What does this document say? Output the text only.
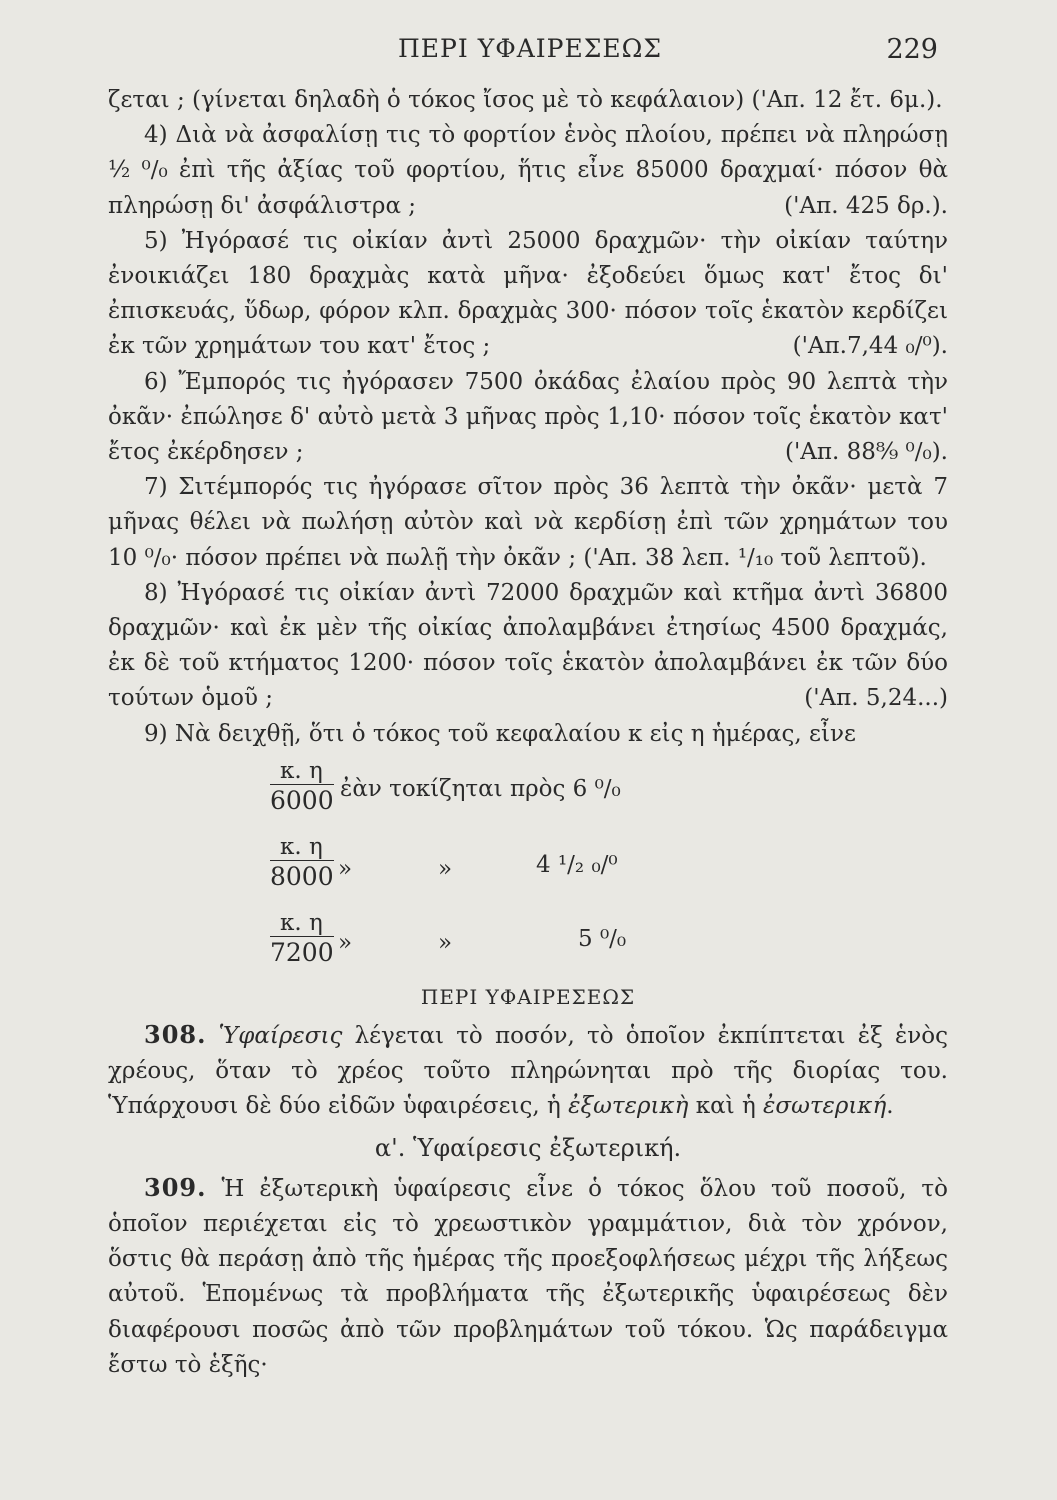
ΠΕΡΙ ΥΦΑΙΡΕΣΕΩΣ	229

ζεται ; (γίνεται δηλαδὴ ὁ τόκος ἴσος μὲ τὸ κεφάλαιον) ('Απ. 12 ἔτ. 6μ.).

4) Διὰ νὰ ἀσφαλίσῃ τις τὸ φορτίον ἑνὸς πλοίου, πρέπει νὰ πληρώσῃ ½ ⁰/₀ ἐπὶ τῆς ἀξίας τοῦ φορτίου, ἥτις εἶνε 85000 δραχμαί· πόσον θὰ πληρώσῃ δι' ἀσφάλιστρα ;	('Απ. 425 δρ.).

5) Ἠγόρασέ τις οἰκίαν ἀντὶ 25000 δραχμῶν· τὴν οἰκίαν ταύτην ἐνοικιάζει 180 δραχμὰς κατὰ μῆνα· ἐξοδεύει ὅμως κατ' ἔτος δι' ἐπισκευάς, ὕδωρ, φόρον κλπ. δραχμὰς 300· πόσον τοῖς ἑκατὸν κερδίζει ἐκ τῶν χρημάτων του κατ' ἔτος ;	('Απ.7,44 ₀/⁰).

6) Ἔμπορός τις ἠγόρασεν 7500 ὀκάδας ἐλαίου πρὸς 90 λεπτὰ τὴν ὀκᾶν· ἐπώλησε δ' αὐτὸ μετὰ 3 μῆνας πρὸς 1,10· πόσον τοῖς ἑκατὸν κατ' ἔτος ἐκέρδησεν ;	('Απ. 88⁸⁄₉ ⁰/₀).

7) Σιτέμπορός τις ἠγόρασε σῖτον πρὸς 36 λεπτὰ τὴν ὀκᾶν· μετὰ 7 μῆνας θέλει νὰ πωλήσῃ αὐτὸν καὶ νὰ κερδίσῃ ἐπὶ τῶν χρημάτων του 10 ⁰/₀· πόσον πρέπει νὰ πωλῇ τὴν ὀκᾶν ; ('Απ. 38 λεπ. ¹/₁₀ τοῦ λεπτοῦ).

8) Ἠγόρασέ τις οἰκίαν ἀντὶ 72000 δραχμῶν καὶ κτῆμα ἀντὶ 36800 δραχμῶν· καὶ ἐκ μὲν τῆς οἰκίας ἀπολαμβάνει ἐτησίως 4500 δραχμάς, ἐκ δὲ τοῦ κτήματος 1200· πόσον τοῖς ἑκατὸν ἀπολαμβάνει ἐκ τῶν δύο τούτων ὁμοῦ ;	('Απ. 5,24...)

9) Νὰ δειχθῇ, ὅτι ὁ τόκος τοῦ κεφαλαίου κ εἰς η ἡμέρας, εἶνε

$\frac{\kappa. \eta}{6000}$ ἐὰν τοκίζηται πρὸς 6 ⁰/₀
$\frac{\kappa. \eta}{8000}$ »	»	4 ¹/₂ ₀/⁰
$\frac{\kappa. \eta}{7200}$ »	»	5 ⁰/₀
ΠΕΡΙ ΥΦΑΙΡΕΣΕΩΣ

308. Ὑφαίρεσις λέγεται τὸ ποσόν, τὸ ὁποῖον ἐκπίπτεται ἐξ ἑνὸς χρέους, ὅταν τὸ χρέος τοῦτο πληρώνηται πρὸ τῆς διορίας του. Ὑπάρχουσι δὲ δύο εἰδῶν ὑφαιρέσεις, ἡ ἐξωτερικὴ καὶ ἡ ἐσωτερική.

α'. Ὑφαίρεσις ἐξωτερική.

309. Ἡ ἐξωτερικὴ ὑφαίρεσις εἶνε ὁ τόκος ὅλου τοῦ ποσοῦ, τὸ ὁποῖον περιέχεται εἰς τὸ χρεωστικὸν γραμμάτιον, διὰ τὸν χρόνον, ὅστις θὰ περάσῃ ἀπὸ τῆς ἡμέρας τῆς προεξοφλήσεως μέχρι τῆς λήξεως αὐτοῦ. Ἑπομένως τὰ προβλήματα τῆς ἐξωτερικῆς ὑφαιρέσεως δὲν διαφέρουσι ποσῶς ἀπὸ τῶν προβλημάτων τοῦ τόκου. Ὡς παράδειγμα ἔστω τὸ ἑξῆς·
